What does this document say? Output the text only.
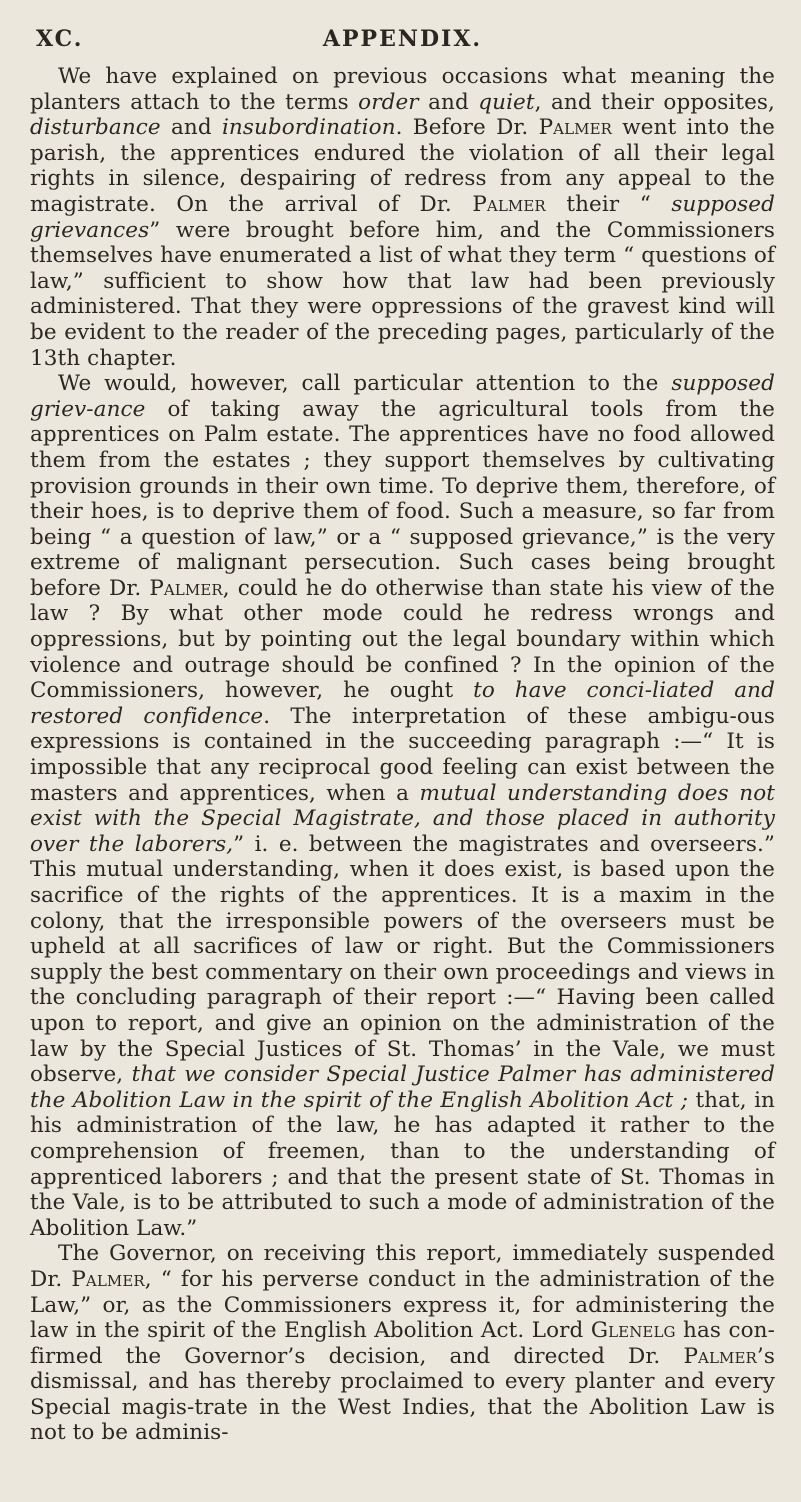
XC.	APPENDIX.

We have explained on previous occasions what meaning the planters attach to the terms order and quiet, and their opposites, disturbance and insubordination. Before Dr. Palmer went into the parish, the apprentices endured the violation of all their legal rights in silence, despairing of redress from any appeal to the magistrate. On the arrival of Dr. Palmer their “ supposed grievances” were brought before him, and the Commissioners themselves have enumerated a list of what they term “ questions of law,” sufficient to show how that law had been previously administered. That they were oppressions of the gravest kind will be evident to the reader of the preceding pages, particularly of the 13th chapter.

We would, however, call particular attention to the supposed griev-ance of taking away the agricultural tools from the apprentices on Palm estate. The apprentices have no food allowed them from the estates ; they support themselves by cultivating provision grounds in their own time. To deprive them, therefore, of their hoes, is to deprive them of food. Such a measure, so far from being “ a question of law,” or a “ supposed grievance,” is the very extreme of malignant persecution. Such cases being brought before Dr. Palmer, could he do otherwise than state his view of the law ? By what other mode could he redress wrongs and oppressions, but by pointing out the legal boundary within which violence and outrage should be confined ? In the opinion of the Commissioners, however, he ought to have conci-liated and restored confidence. The interpretation of these ambigu-ous expressions is contained in the succeeding paragraph :—“ It is impossible that any reciprocal good feeling can exist between the masters and apprentices, when a mutual understanding does not exist with the Special Magistrate, and those placed in authority over the laborers,” i. e. between the magistrates and overseers.” This mutual understanding, when it does exist, is based upon the sacrifice of the rights of the apprentices. It is a maxim in the colony, that the irresponsible powers of the overseers must be upheld at all sacrifices of law or right. But the Commissioners supply the best commentary on their own proceedings and views in the concluding paragraph of their report :—“ Having been called upon to report, and give an opinion on the administration of the law by the Special Justices of St. Thomas’ in the Vale, we must observe, that we consider Special Justice Palmer has administered the Abolition Law in the spirit of the English Abolition Act ; that, in his administration of the law, he has adapted it rather to the comprehension of freemen, than to the understanding of apprenticed laborers ; and that the present state of St. Thomas in the Vale, is to be attributed to such a mode of administration of the Abolition Law.”

The Governor, on receiving this report, immediately suspended Dr. Palmer, “ for his perverse conduct in the administration of the Law,” or, as the Commissioners express it, for administering the law in the spirit of the English Abolition Act. Lord Glenelg has con-firmed the Governor’s decision, and directed Dr. Palmer’s dismissal, and has thereby proclaimed to every planter and every Special magis-trate in the West Indies, that the Abolition Law is not to be adminis-
